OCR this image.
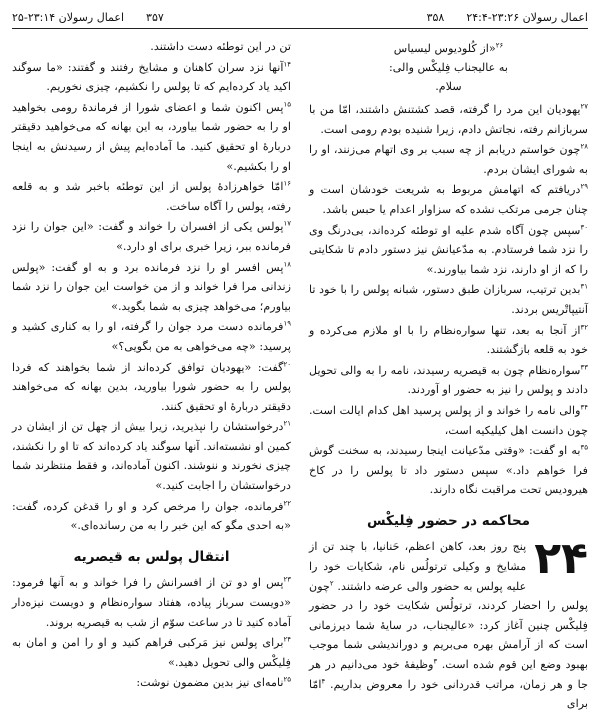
اعمال رسولان ۲۳:۲۶-۲۴:۴
۳۵۸
۳۵۷
اعمال رسولان ۲۳:۱۴-۲۵

تن در این توطئه دست داشتند.

$^{۱۴}$آنها نزد سران کاهنان و مشایخ رفتند و گفتند: «ما سوگند اکید یاد کرده‌ایم که تا پولس را نکشیم، چیزی نخوریم.

$^{۱۵}$پس اکنون شما و اعضای شورا از فرماندهٔ رومی بخواهید او را به حضور شما بیاورد، به این بهانه که می‌خواهید دقیقتر دربارهٔ او تحقیق کنید. ما آماده‌ایم پیش از رسیدنش به اینجا او را بکشیم.»

$^{۱۶}$امّا خواهرزادهٔ پولس از این توطئه باخبر شد و به قلعه رفته، پولس را آگاه ساخت.

$^{۱۷}$پولس یکی از افسران را خواند و گفت: «این جوان را نزد فرمانده ببر، زیرا خبری برای او دارد.»

$^{۱۸}$پس افسر او را نزد فرمانده برد و به او گفت: «پولس زندانی مرا فرا خواند و از من خواست این جوان را نزد شما بیاورم؛ می‌خواهد چیزی به شما بگوید.»

$^{۱۹}$فرمانده دست مرد جوان را گرفته، او را به کناری کشید و پرسید: «چه می‌خواهی به من بگویی؟»

$^{۲۰}$گفت: «یهودیان توافق کرده‌اند از شما بخواهند که فردا پولس را به حضور شورا بیاورید، بدین بهانه که می‌خواهند دقیقتر دربارهٔ او تحقیق کنند.

$^{۲۱}$درخواستشان را نپذیرید، زیرا بیش از چهل تن از ایشان در کمین او نشسته‌اند. آنها سوگند یاد کرده‌اند که تا او را نکشند، چیزی نخورند و ننوشند. اکنون آماده‌اند، و فقط منتظرند شما درخواستشان را اجابت کنید.»

$^{۲۲}$فرمانده، جوان را مرخص کرد و او را قدغن کرده، گفت: «به احدی مگو که این خبر را به من رسانده‌ای.»

انتقال پولس به قیصریه

$^{۲۳}$پس او دو تن از افسرانش را فرا خواند و به آنها فرمود: «دویست سرباز پیاده، هفتاد سواره‌نظام و دویست نیزه‌دار آماده کنید تا در ساعت سوّم از شب به قیصریه بروند.

$^{۲۴}$برای پولس نیز مَرکبی فراهم کنید و او را امن و امان به فِلیکْس والی تحویل دهید.»

$^{۲۵}$نامه‌ای نیز بدین مضمون نوشت:

$^{۲۶}$«از کُلودیوس لیسیاس
به عالیجناب فِلیکْس والی:
سلام.

$^{۲۷}$یهودیان این مرد را گرفته، قصد کشتنش داشتند، امّا من با سربازانم رفته، نجاتش دادم، زیرا شنیده بودم رومی است.

$^{۲۸}$چون خواستم دریابم از چه سبب بر وی اتهام می‌زنند، او را به شورای ایشان بردم.

$^{۲۹}$دریافتم که اتهامش مربوط به شریعت خودشان است و چنان جرمی مرتکب نشده که سزاوار اعدام یا حبس باشد.

$^{۳۰}$سپس چون آگاه شدم علیه او توطئه کرده‌اند، بی‌درنگ وی را نزد شما فرستادم. به مدّعیانش نیز دستور دادم تا شکایتی را که از او دارند، نزد شما بیاورند.»

$^{۳۱}$بدین ترتیب، سربازان طبق دستور، شبانه پولس را با خود تا آنتیپاتْریس بردند.

$^{۳۲}$از آنجا به بعد، تنها سواره‌نظام را با او ملازم می‌کرده و خود به قلعه بازگشتند.

$^{۳۳}$سواره‌نظام چون به قیصریه رسیدند، نامه را به والی تحویل دادند و پولس را نیز به حضور او آوردند.

$^{۳۴}$والی نامه را خواند و از پولس پرسید اهل کدام ایالت است. چون دانست اهل کیلیکیه است،

$^{۳۵}$به او گفت: «وقتی مدّعیانت اینجا رسیدند، به سخنت گوش فرا خواهم داد.» سپس دستور داد تا پولس را در کاخ هیرودیس تحت مراقبت نگاه دارند.

محاکمه در حضور فِلیکْس

۲۴
پنج روز بعد، کاهن اعظم، حَنانیا، با چند تن از مشایخ و وکیلی ترتولُس نام، شکایات خود را علیه پولس به حضور والی عرضه داشتند. $^۲$چون پولس را احضار کردند، ترتولُس شکایت خود را در حضور فِلیکْس چنین آغاز کرد: «عالیجناب، در سایهٔ شما دیرزمانی است که از آرامش بهره می‌بریم و دوراندیشی شما موجب بهبود وضع این قوم شده است. $^۳$وظیفهٔ خود می‌دانیم در هر جا و هر زمان، مراتب قدردانی خود را معروض بداریم. $^۴$امّا برای
